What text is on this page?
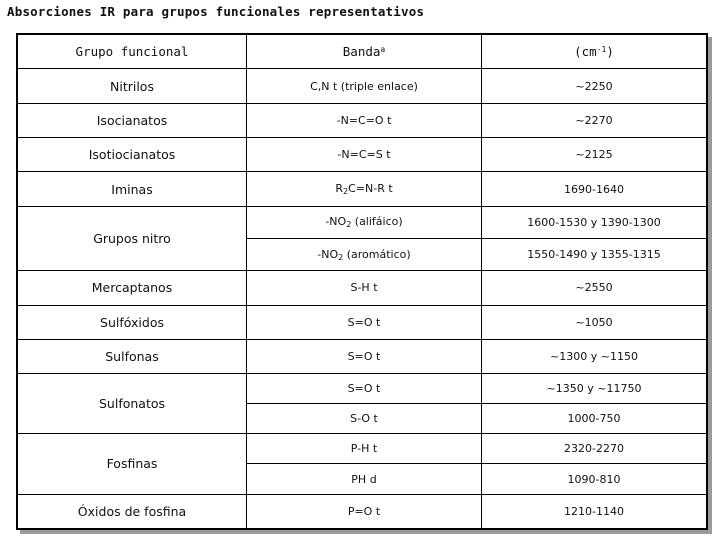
Absorciones IR para grupos funcionales representativos
Grupo funcional	Banda$^a$	$(cm^{-1})$
Nitrilos	C,N t (triple enlace)	~2250
Isocianatos	-N=C=O t	~2270
Isotiocianatos	-N=C=S t	~2125
Iminas	$R_2C=N-R$ t	1690-1640
Grupos nitro	$-NO_2$ (alifáico)	1600-1530 y 1390-1300
	$-NO_2$ (aromático)	1550-1490 y 1355-1315
Mercaptanos	S-H t	~2550
Sulfóxidos	S=O t	~1050
Sulfonas	S=O t	~1300 y ~1150
Sulfonatos	S=O t	~1350 y ~11750
	S-O t	1000-750
Fosfinas	P-H t	2320-2270
	PH d	1090-810
Óxidos de fosfina	P=O t	1210-1140
